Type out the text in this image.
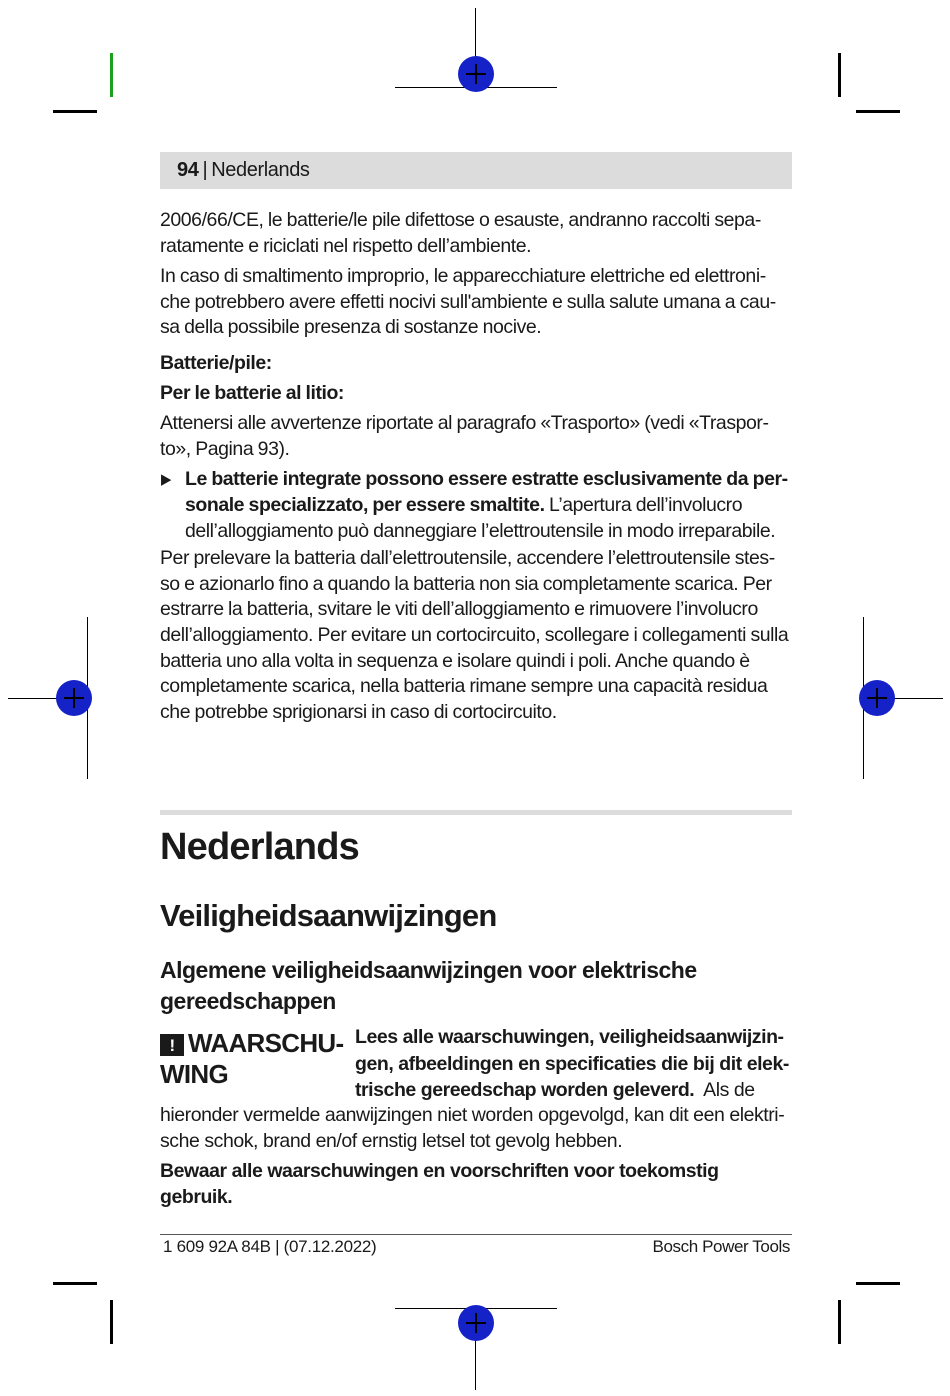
94 | Nederlands

2006/66/CE, le batterie/le pile difettose o esauste, andranno raccolti sepa-ratamente e riciclati nel rispetto dell’ambiente.

In caso di smaltimento improprio, le apparecchiature elettriche ed elettroni-che potrebbero avere effetti nocivi sull'ambiente e sulla salute umana a cau-sa della possibile presenza di sostanze nocive.

Batterie/pile:

Per le batterie al litio:

Attenersi alle avvertenze riportate al paragrafo «Trasporto» (vedi «Traspor-to», Pagina 93).

▶ Le batterie integrate possono essere estratte esclusivamente da per-sonale specializzato, per essere smaltite. L’apertura dell’involucro dell’alloggiamento può danneggiare l’elettroutensile in modo irreparabile.

Per prelevare la batteria dall’elettroutensile, accendere l’elettroutensile stes-so e azionarlo fino a quando la batteria non sia completamente scarica. Per estrarre la batteria, svitare le viti dell’alloggiamento e rimuovere l’involucro dell’alloggiamento. Per evitare un cortocircuito, scollegare i collegamenti sulla batteria uno alla volta in sequenza e isolare quindi i poli. Anche quando è completamente scarica, nella batteria rimane sempre una capacità residua che potrebbe sprigionarsi in caso di cortocircuito.

Nederlands
Veiligheidsaanwijzingen
Algemene veiligheidsaanwijzingen voor elektrische gereedschappen
! WAARSCHU-
WING
Lees alle waarschuwingen, veiligheidsaanwijzin-gen, afbeeldingen en specificaties die bij dit elek-trische gereedschap worden geleverd. Als de

hieronder vermelde aanwijzingen niet worden opgevolgd, kan dit een elektri-sche schok, brand en/of ernstig letsel tot gevolg hebben.

Bewaar alle waarschuwingen en voorschriften voor toekomstig gebruik.

1 609 92A 84B | (07.12.2022)	Bosch Power Tools
